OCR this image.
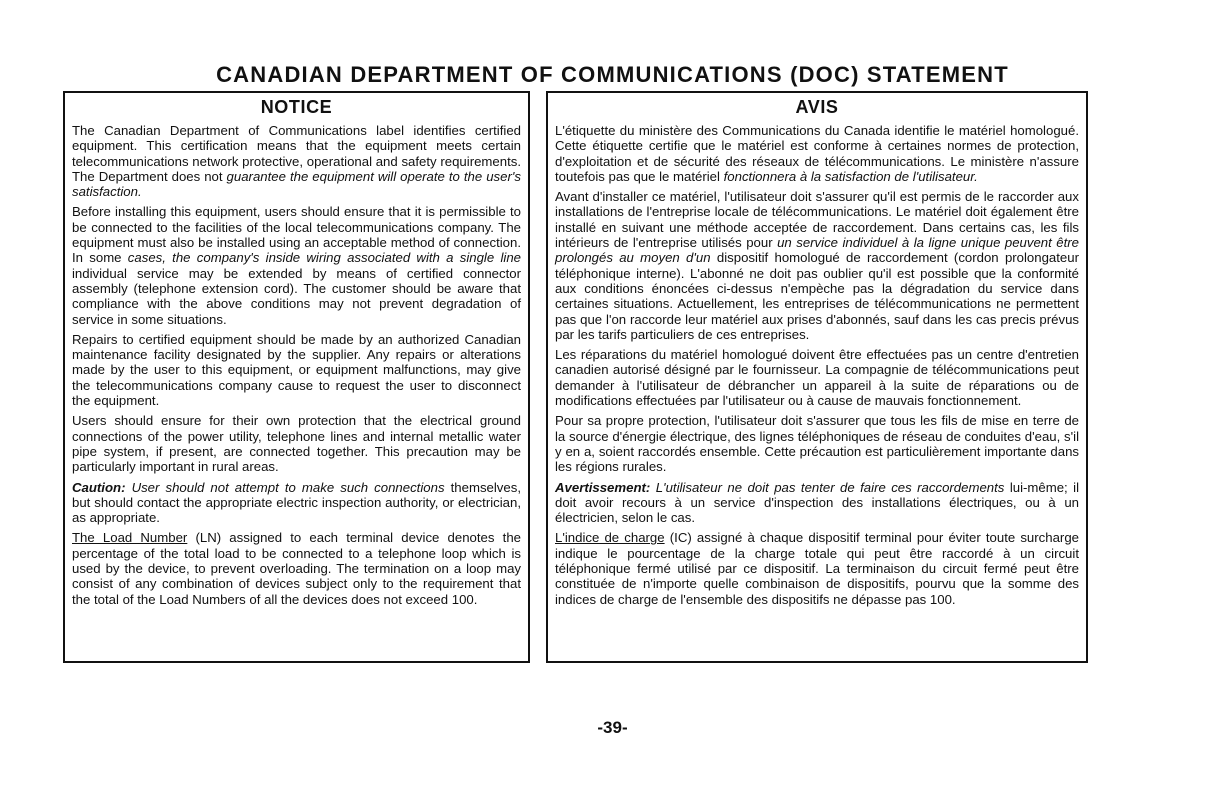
CANADIAN DEPARTMENT OF COMMUNICATIONS (DOC) STATEMENT
NOTICE

The Canadian Department of Communications label identifies certified equipment. This certification means that the equipment meets certain telecommunications network protective, operational and safety requirements. The Department does not guarantee the equipment will operate to the user's satisfaction.

Before installing this equipment, users should ensure that it is permissible to be connected to the facilities of the local telecommunications company. The equipment must also be installed using an acceptable method of connection. In some cases, the company's inside wiring associated with a single line individual service may be extended by means of certified connector assembly (telephone extension cord). The customer should be aware that compliance with the above conditions may not prevent degradation of service in some situations.

Repairs to certified equipment should be made by an authorized Canadian maintenance facility designated by the supplier. Any repairs or alterations made by the user to this equipment, or equipment malfunctions, may give the telecommunications company cause to request the user to disconnect the equipment.

Users should ensure for their own protection that the electrical ground connections of the power utility, telephone lines and internal metallic water pipe system, if present, are connected together. This precaution may be particularly important in rural areas.

Caution: User should not attempt to make such connections themselves, but should contact the appropriate electric inspection authority, or electrician, as appropriate.

The Load Number (LN) assigned to each terminal device denotes the percentage of the total load to be connected to a telephone loop which is used by the device, to prevent overloading. The termination on a loop may consist of any combination of devices subject only to the requirement that the total of the Load Numbers of all the devices does not exceed 100.

AVIS

L'étiquette du ministère des Communications du Canada identifie le matériel homologué. Cette étiquette certifie que le matériel est conforme à certaines normes de protection, d'exploitation et de sécurité des réseaux de télécommunications. Le ministère n'assure toutefois pas que le matériel fonctionnera à la satisfaction de l'utilisateur.

Avant d'installer ce matériel, l'utilisateur doit s'assurer qu'il est permis de le raccorder aux installations de l'entreprise locale de télécommunications. Le matériel doit également être installé en suivant une méthode acceptée de raccordement. Dans certains cas, les fils intérieurs de l'entreprise utilisés pour un service individuel à la ligne unique peuvent être prolongés au moyen d'un dispositif homologué de raccordement (cordon prolongateur téléphonique interne). L'abonné ne doit pas oublier qu'il est possible que la conformité aux conditions énoncées ci-dessus n'empèche pas la dégradation du service dans certaines situations. Actuellement, les entreprises de télécommunications ne permettent pas que l'on raccorde leur matériel aux prises d'abonnés, sauf dans les cas precis prévus par les tarifs particuliers de ces entreprises.

Les réparations du matériel homologué doivent être effectuées pas un centre d'entretien canadien autorisé désigné par le fournisseur. La compagnie de télécommunications peut demander à l'utilisateur de débrancher un appareil à la suite de réparations ou de modifications effectuées par l'utilisateur ou à cause de mauvais fonctionnement.

Pour sa propre protection, l'utilisateur doit s'assurer que tous les fils de mise en terre de la source d'énergie électrique, des lignes téléphoniques de réseau de conduites d'eau, s'il y en a, soient raccordés ensemble. Cette précaution est particulièrement importante dans les régions rurales.

Avertissement: L'utilisateur ne doit pas tenter de faire ces raccordements lui-même; il doit avoir recours à un service d'inspection des installations électriques, ou à un électricien, selon le cas.

L'indice de charge (IC) assigné à chaque dispositif terminal pour éviter toute surcharge indique le pourcentage de la charge totale qui peut être raccordé à un circuit téléphonique fermé utilisé par ce dispositif. La terminaison du circuit fermé peut être constituée de n'importe quelle combinaison de dispositifs, pourvu que la somme des indices de charge de l'ensemble des dispositifs ne dépasse pas 100.

-39-
